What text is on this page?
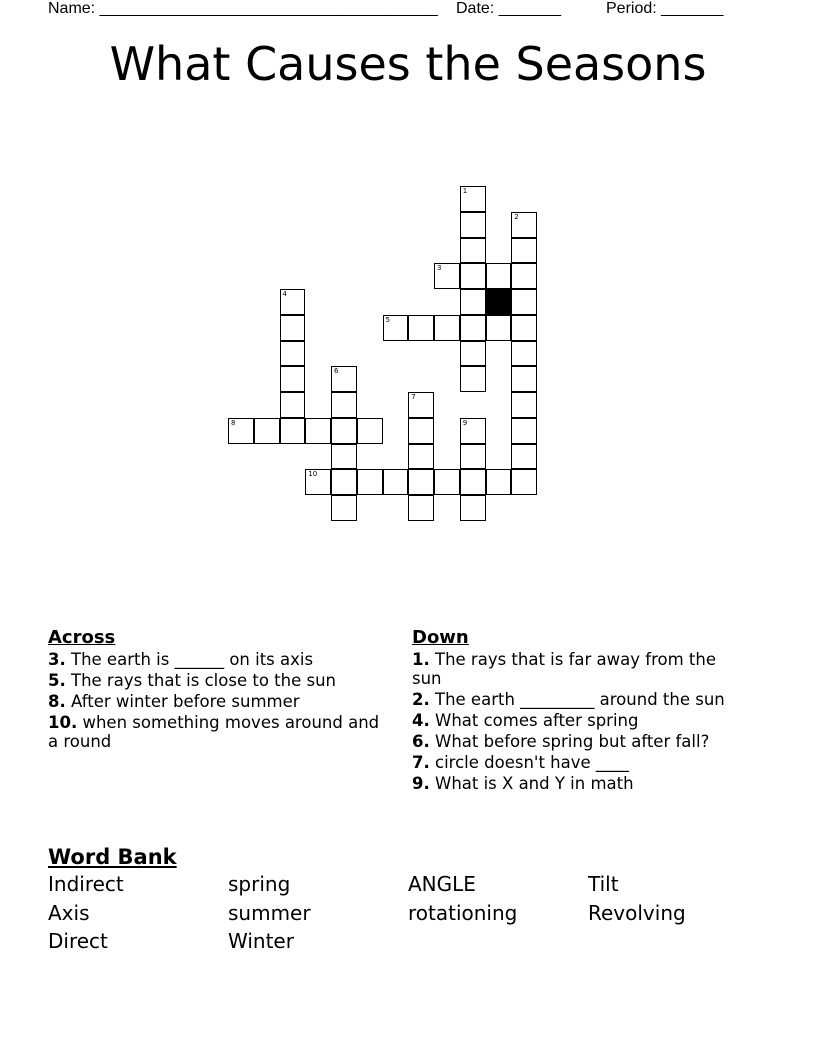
Name: ______________________________________ Date: _______	Period: _______
What Causes the Seasons
1
2
3
4
5
6
7
8	9
10
Across
3. The earth is ______ on its axis
5. The rays that is close to the sun
8. After winter before summer
10. when something moves around and a round
Down
1. The rays that is far away from the sun
2. The earth _________ around the sun
4. What comes after spring
6. What before spring but after fall?
7. circle doesn't have ____
9. What is X and Y in math
Word Bank
Indirect	spring	ANGLE	Tilt
Axis	summer	rotationing	Revolving
Direct	Winter
